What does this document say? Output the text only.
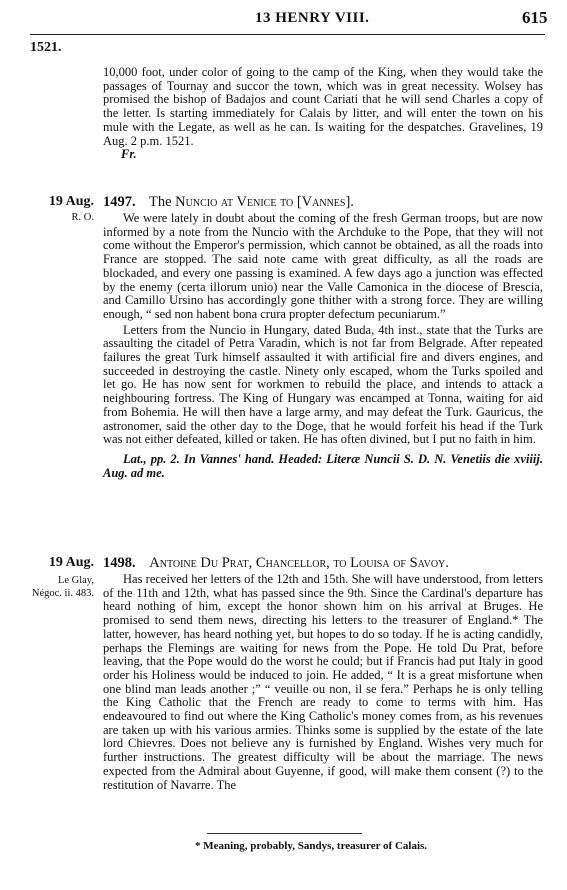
13 HENRY VIII.	615
1521.

10,000 foot, under color of going to the camp of the King, when they would take the passages of Tournay and succor the town, which was in great necessity. Wolsey has promised the bishop of Badajos and count Cariati that he will send Charles a copy of the letter. Is starting immediately for Calais by litter, and will enter the town on his mule with the Legate, as well as he can. Is waiting for the despatches. Gravelines, 19 Aug. 2 p.m. 1521.

Fr.

19 Aug.
R. O.
1497. The Nuncio at Venice to [Vannes].

We were lately in doubt about the coming of the fresh German troops, but are now informed by a note from the Nuncio with the Archduke to the Pope, that they will not come without the Emperor's permission, which cannot be obtained, as all the roads into France are stopped. The said note came with great difficulty, as all the roads are blockaded, and every one passing is examined. A few days ago a junction was effected by the enemy (certa illorum unio) near the Valle Camonica in the diocese of Brescia, and Camillo Ursino has accordingly gone thither with a strong force. They are willing enough, “ sed non habent bona crura propter defectum pecuniarum.”

Letters from the Nuncio in Hungary, dated Buda, 4th inst., state that the Turks are assaulting the citadel of Petra Varadin, which is not far from Belgrade. After repeated failures the great Turk himself assaulted it with artificial fire and divers engines, and succeeded in destroying the castle. Ninety only escaped, whom the Turks spoiled and let go. He has now sent for workmen to rebuild the place, and intends to attack a neighbouring fortress. The King of Hungary was encamped at Tonna, waiting for aid from Bohemia. He will then have a large army, and may defeat the Turk. Gauricus, the astronomer, said the other day to the Doge, that he would forfeit his head if the Turk was not either defeated, killed or taken. He has often divined, but I put no faith in him.

Lat., pp. 2. In Vannes' hand. Headed: Literæ Nuncii S. D. N. Venetiis die xviiij. Aug. ad me.

19 Aug.
Le Glay,
Négoc. ii. 483.
1498. Antoine Du Prat, Chancellor, to Louisa of Savoy.

Has received her letters of the 12th and 15th. She will have understood, from letters of the 11th and 12th, what has passed since the 9th. Since the Cardinal's departure has heard nothing of him, except the honor shown him on his arrival at Bruges. He promised to send them news, directing his letters to the treasurer of England.* The latter, however, has heard nothing yet, but hopes to do so today. If he is acting candidly, perhaps the Flemings are waiting for news from the Pope. He told Du Prat, before leaving, that the Pope would do the worst he could; but if Francis had put Italy in good order his Holiness would be induced to join. He added, “ It is a great misfortune when one blind man leads another ;” “ veuille ou non, il se fera.” Perhaps he is only telling the King Catholic that the French are ready to come to terms with him. Has endeavoured to find out where the King Catholic's money comes from, as his revenues are taken up with his various armies. Thinks some is supplied by the estate of the late lord Chievres. Does not believe any is furnished by England. Wishes very much for further instructions. The greatest difficulty will be about the marriage. The news expected from the Admiral about Guyenne, if good, will make them consent (?) to the restitution of Navarre. The

* Meaning, probably, Sandys, treasurer of Calais.
